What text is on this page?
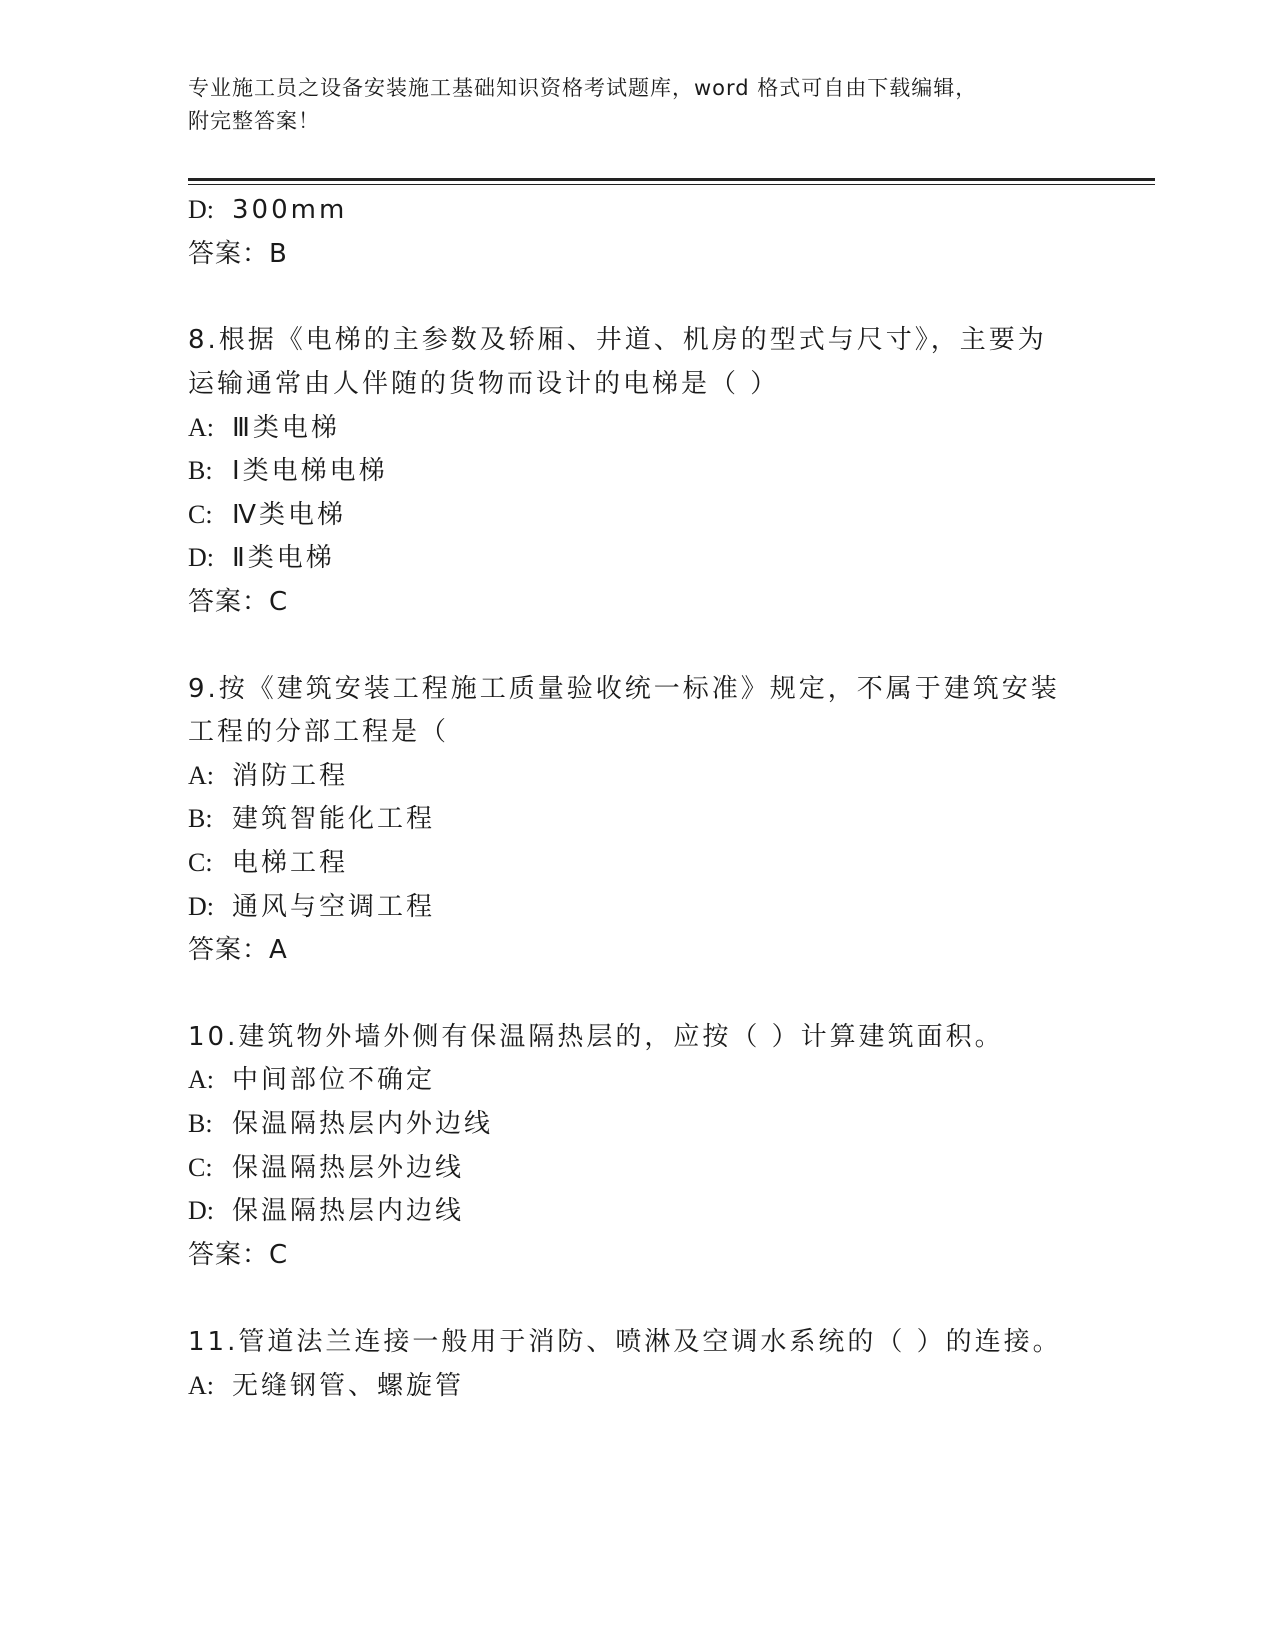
专业施工员之设备安装施工基础知识资格考试题库，word 格式可自由下载编辑，
附完整答案！
D: 300mm
答案：B
8.根据《电梯的主参数及轿厢、井道、机房的型式与尺寸》，主要为
运输通常由人伴随的货物而设计的电梯是（ ）
A: Ⅲ类电梯
B: Ⅰ类电梯电梯
C: Ⅳ类电梯
D: Ⅱ类电梯
答案：C
9.按《建筑安装工程施工质量验收统一标准》规定，不属于建筑安装
工程的分部工程是（
A: 消防工程
B: 建筑智能化工程
C: 电梯工程
D: 通风与空调工程
答案：A
10.建筑物外墙外侧有保温隔热层的，应按（ ）计算建筑面积。
A: 中间部位不确定
B: 保温隔热层内外边线
C: 保温隔热层外边线
D: 保温隔热层内边线
答案：C
11.管道法兰连接一般用于消防、喷淋及空调水系统的（ ）的连接。
A: 无缝钢管、螺旋管
